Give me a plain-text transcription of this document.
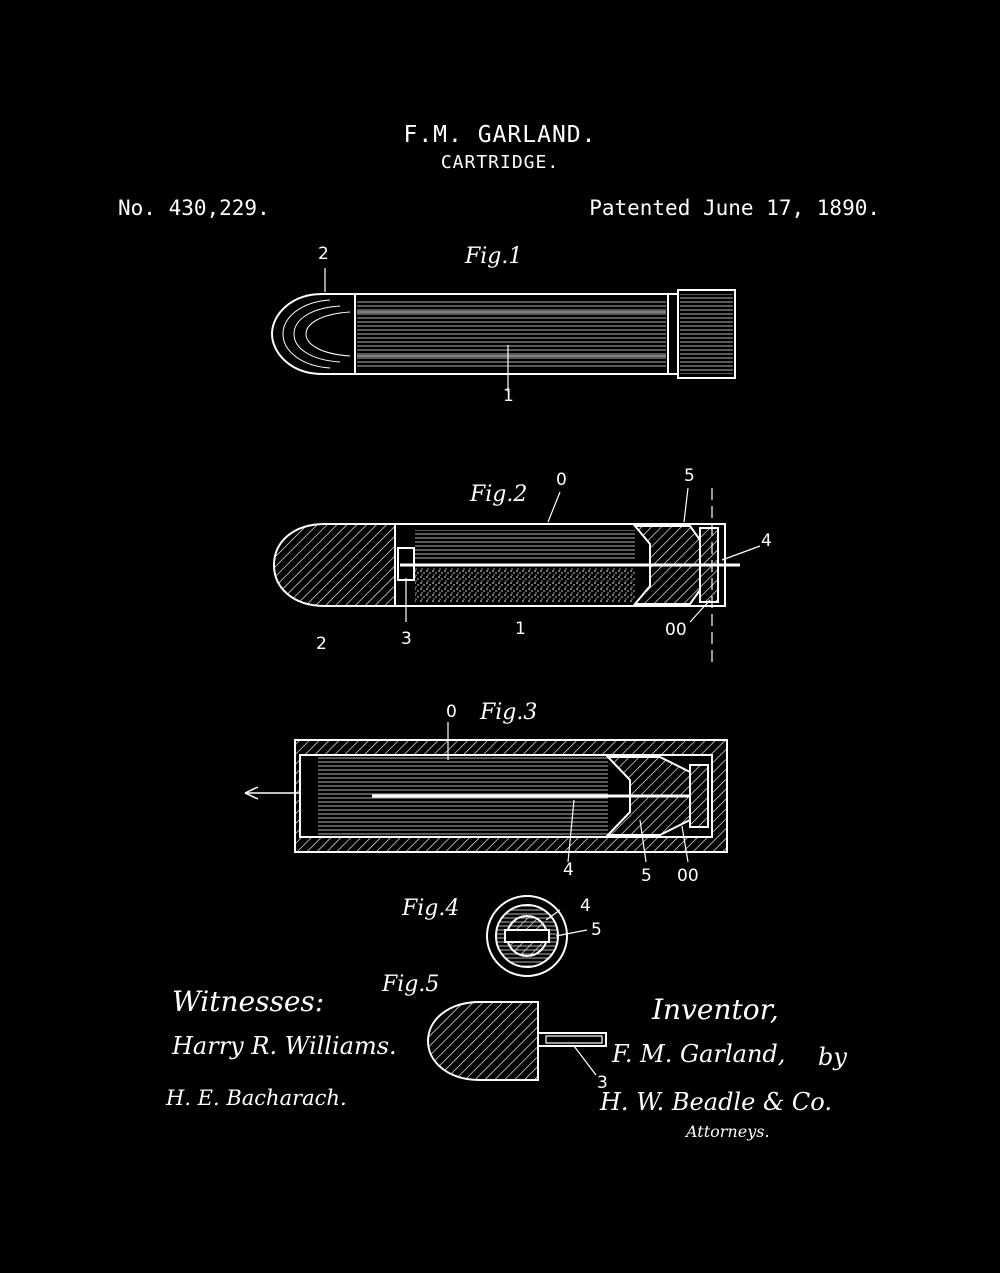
F.M. GARLAND.
CARTRIDGE.
No. 430,229.	Patented June 17, 1890.
Fig.1
Fig.2
Fig.3
Fig.4
Fig.5
2
1
0	5
4
2	3	1	00
0
4	5 00
4
5
3
Witnesses:
Harry R. Williams.
H. E. Bacharach.
Inventor,
F. M. Garland, by
H. W. Beadle & Co.
Attorneys.
